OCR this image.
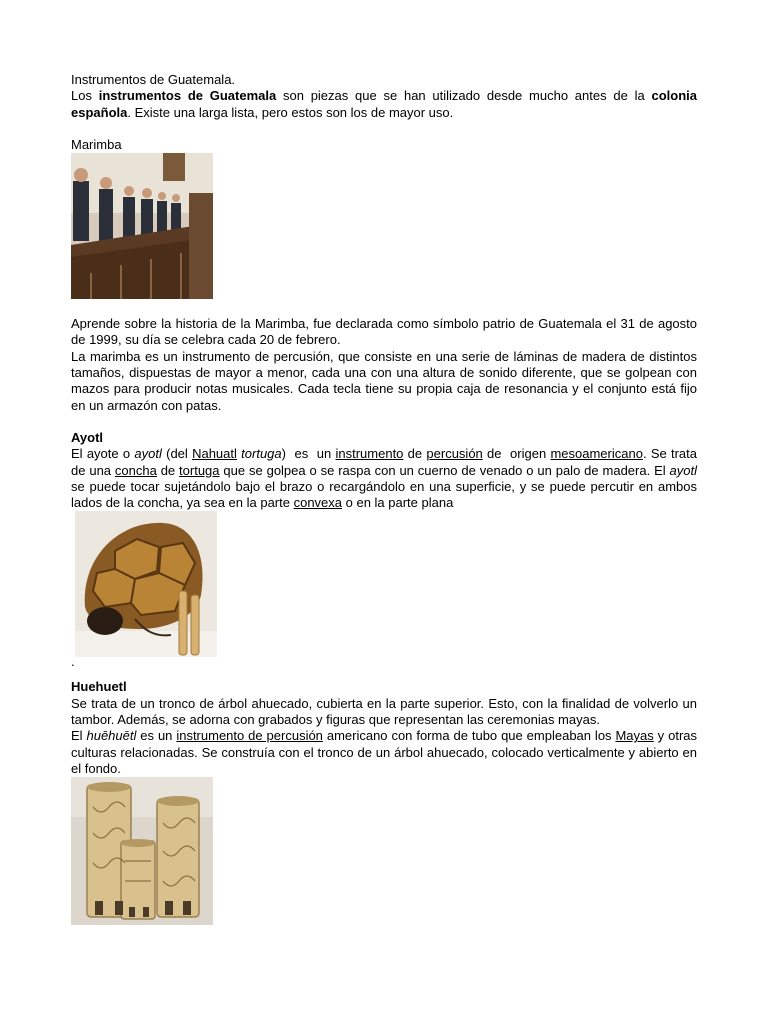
Instrumentos de Guatemala.

Los instrumentos de Guatemala son piezas que se han utilizado desde mucho antes de la colonia española. Existe una larga lista, pero estos son los de mayor uso.

Marimba

Aprende sobre la historia de la Marimba, fue declarada como símbolo patrio de Guatemala el 31 de agosto de 1999, su día se celebra cada 20 de febrero.

La marimba es un instrumento de percusión, que consiste en una serie de láminas de madera de distintos tamaños, dispuestas de mayor a menor, cada una con una altura de sonido diferente, que se golpean con mazos para producir notas musicales. Cada tecla tiene su propia caja de resonancia y el conjunto está fijo en un armazón con patas.

Ayotl

El ayote o ayotl (del Nahuatl tortuga)  es  un instrumento de percusión de  origen mesoamericano. Se trata de una concha de tortuga que se golpea o se raspa con un cuerno de venado o un palo de madera. El ayotl se puede tocar sujetándolo bajo el brazo o recargándolo en una superficie, y se puede percutir en ambos lados de la concha, ya sea en la parte convexa o en la parte plana

.

Huehuetl

Se trata de un tronco de árbol ahuecado, cubierta en la parte superior. Esto, con la finalidad de volverlo un tambor. Además, se adorna con grabados y figuras que representan las ceremonias mayas.

El huēhuētl es un instrumento de percusión americano con forma de tubo que empleaban los Mayas y otras culturas relacionadas. Se construía con el tronco de un árbol ahuecado, colocado verticalmente y abierto en el fondo.
